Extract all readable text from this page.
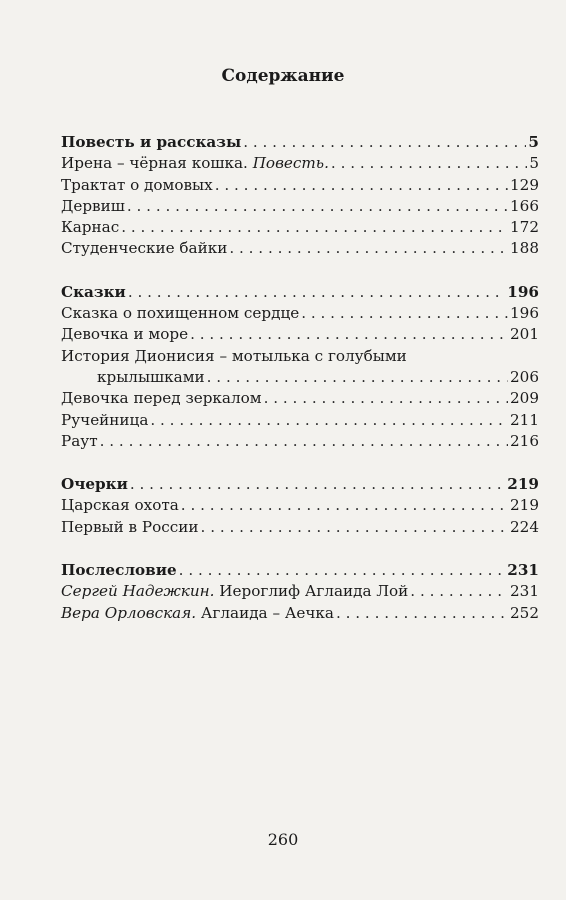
Содержание
Повесть и рассказы . . .	5
Ирена – чёрная кошка. Повесть. . . .	5
Трактат о домовых . . .	129
Дервиш . . .	166
Карнас . . .	172
Студенческие байки . . .	188
Сказки . . .	196
Сказка о похищенном сердце . . .	196
Девочка и море . . .	201
История Дионисия – мотылька с голубыми
крылышками . . .	206
Девочка перед зеркалом . . .	209
Ручейница . . .	211
Раут . . .	216
Очерки . . .	219
Царская охота . . .	219
Первый в России . . .	224
Послесловие . . .	231
Сергей Надежкин. Иероглиф Аглаида Лой . . .	231
Вера Орловская. Аглаида – Аечка . . .	252
260
